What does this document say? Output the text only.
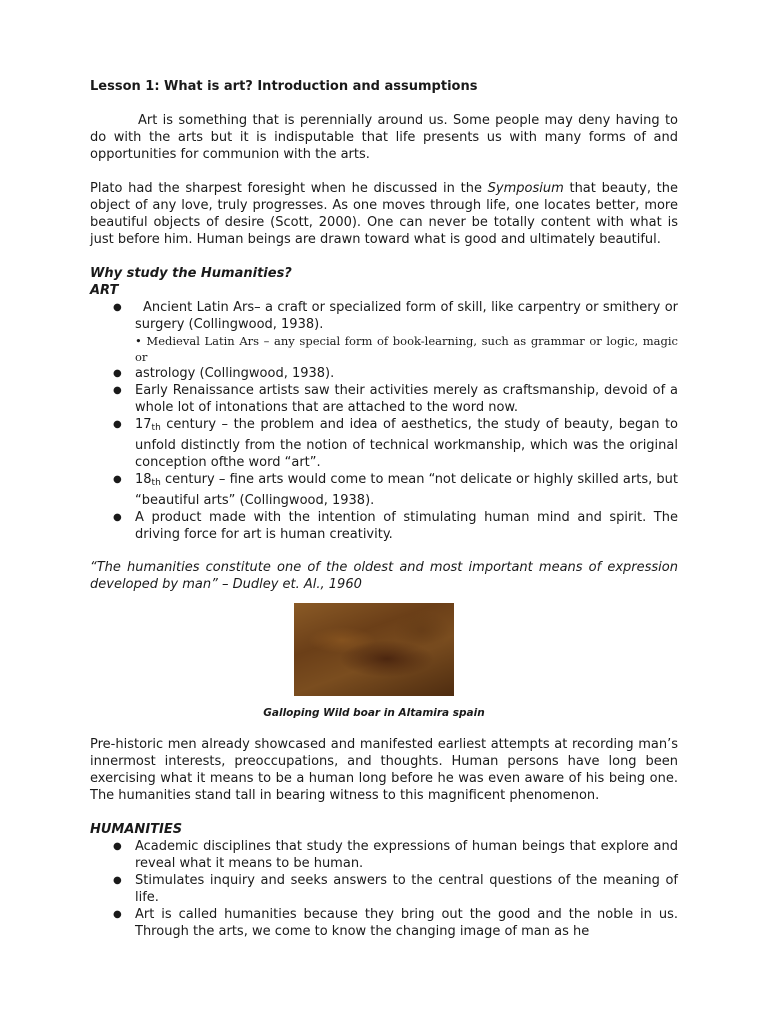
Lesson 1: What is art? Introduction and assumptions

Art is something that is perennially around us. Some people may deny having to do with the arts but it is indisputable that life presents us with many forms of and opportunities for communion with the arts.

Plato had the sharpest foresight when he discussed in the Symposium that beauty, the object of any love, truly progresses. As one moves through life, one locates better, more beautiful objects of desire (Scott, 2000). One can never be totally content with what is just before him. Human beings are drawn toward what is good and ultimately beautiful.

Why study the Humanities?
ART
● Ancient Latin Ars– a craft or specialized form of skill, like carpentry or smithery or surgery (Collingwood, 1938).
• Medieval Latin Ars – any special form of book-learning, such as grammar or logic, magic or
● astrology (Collingwood, 1938).
● Early Renaissance artists saw their activities merely as craftsmanship, devoid of a whole lot of intonations that are attached to the word now.
● $17_{th}$ century – the problem and idea of aesthetics, the study of beauty, began to unfold distinctly from the notion of technical workmanship, which was the original conception ofthe word “art”.
● $18_{th}$ century – fine arts would come to mean “not delicate or highly skilled arts, but “beautiful arts” (Collingwood, 1938).
● A product made with the intention of stimulating human mind and spirit. The driving force for art is human creativity.
“The humanities constitute one of the oldest and most important means of expression developed by man” – Dudley et. Al., 1960
Galloping Wild boar in Altamira spain

Pre-historic men already showcased and manifested earliest attempts at recording man’s innermost interests, preoccupations, and thoughts. Human persons have long been exercising what it means to be a human long before he was even aware of his being one. The humanities stand tall in bearing witness to this magnificent phenomenon.

HUMANITIES
● Academic disciplines that study the expressions of human beings that explore and reveal what it means to be human.
● Stimulates inquiry and seeks answers to the central questions of the meaning of life.
● Art is called humanities because they bring out the good and the noble in us. Through the arts, we come to know the changing image of man as he
